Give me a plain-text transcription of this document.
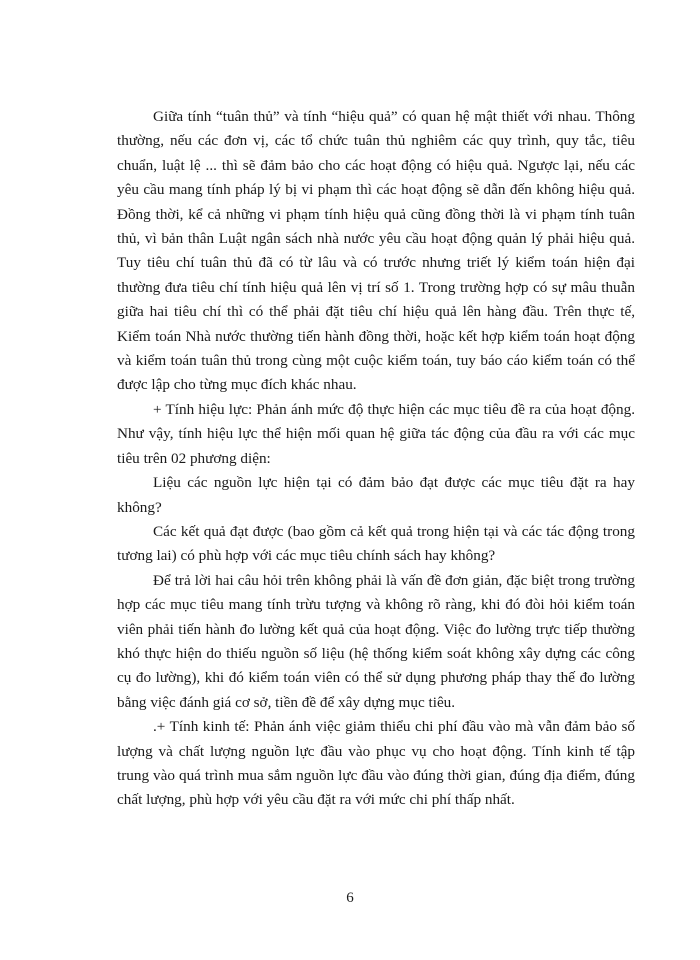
Giữa tính “tuân thủ” và tính “hiệu quả” có quan hệ mật thiết với nhau. Thông thường, nếu các đơn vị, các tổ chức tuân thủ nghiêm các quy trình, quy tắc, tiêu chuẩn, luật lệ ... thì sẽ đảm bảo cho các hoạt động có hiệu quả. Ngược lại, nếu các yêu cầu mang tính pháp lý bị vi phạm thì các hoạt động sẽ dẫn đến không hiệu quả. Đồng thời, kể cả những vi phạm tính hiệu quả cũng đồng thời là vi phạm tính tuân thủ, vì bản thân Luật ngân sách nhà nước yêu cầu hoạt động quản lý phải hiệu quả. Tuy tiêu chí tuân thủ đã có từ lâu và có trước nhưng triết lý kiểm toán hiện đại thường đưa tiêu chí tính hiệu quả lên vị trí số 1. Trong trường hợp có sự mâu thuẫn giữa hai tiêu chí thì có thể phải đặt tiêu chí hiệu quả lên hàng đầu. Trên thực tế, Kiểm toán Nhà nước thường tiến hành đồng thời, hoặc kết hợp kiểm toán hoạt động và kiểm toán tuân thủ trong cùng một cuộc kiểm toán, tuy báo cáo kiểm toán có thể được lập cho từng mục đích khác nhau.

+ Tính hiệu lực: Phản ánh mức độ thực hiện các mục tiêu đề ra của hoạt động. Như vậy, tính hiệu lực thể hiện mối quan hệ giữa tác động của đầu ra với các mục tiêu trên 02 phương diện:

Liệu các nguồn lực hiện tại có đảm bảo đạt được các mục tiêu đặt ra hay không?

Các kết quả đạt được (bao gồm cả kết quả trong hiện tại và các tác động trong tương lai) có phù hợp với các mục tiêu chính sách hay không?

Để trả lời hai câu hỏi trên không phải là vấn đề đơn giản, đặc biệt trong trường hợp các mục tiêu mang tính trừu tượng và không rõ ràng, khi đó đòi hỏi kiểm toán viên phải tiến hành đo lường kết quả của hoạt động. Việc đo lường trực tiếp thường khó thực hiện do thiếu nguồn số liệu (hệ thống kiểm soát không xây dựng các công cụ đo lường), khi đó kiểm toán viên có thể sử dụng phương pháp thay thế đo lường bằng việc đánh giá cơ sở, tiền đề để xây dựng mục tiêu.

.+ Tính kinh tế: Phản ánh việc giảm thiểu chi phí đầu vào mà vẫn đảm bảo số lượng và chất lượng nguồn lực đầu vào phục vụ cho hoạt động. Tính kinh tế tập trung vào quá trình mua sắm nguồn lực đầu vào đúng thời gian, đúng địa điểm, đúng chất lượng, phù hợp với yêu cầu đặt ra với mức chi phí thấp nhất.

6
